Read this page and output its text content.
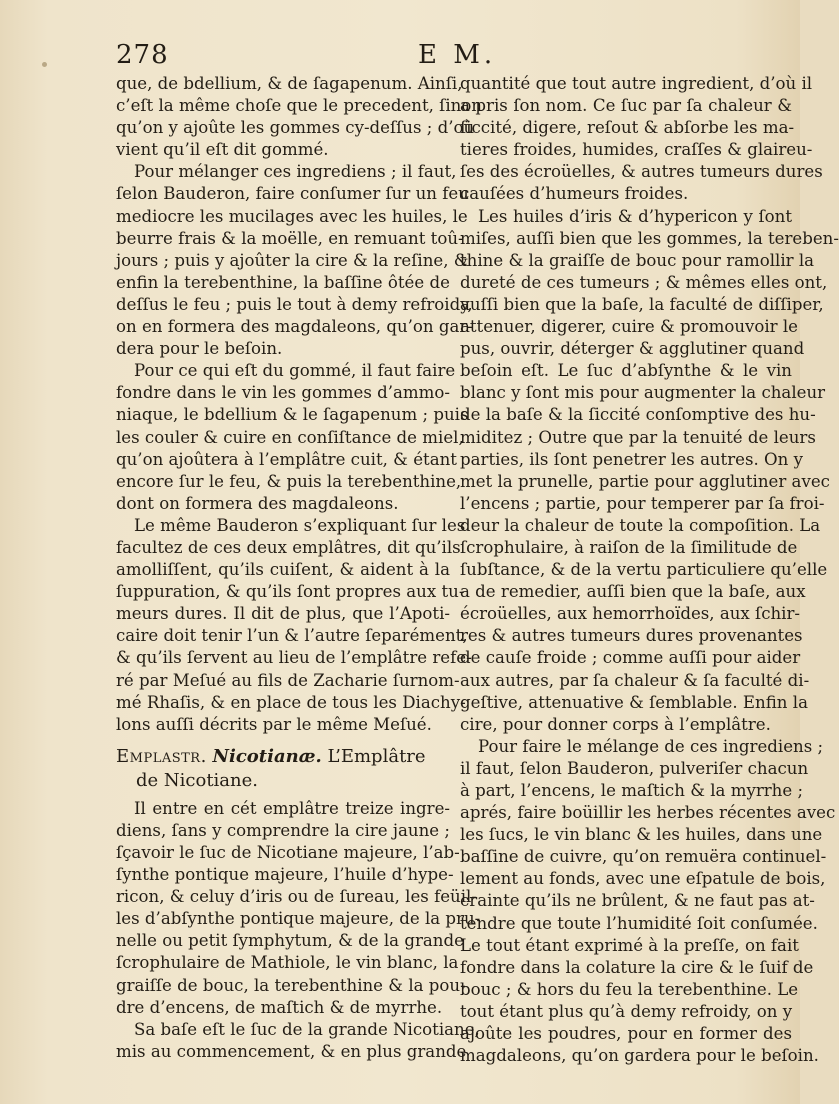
278	E M.
que, de bdellium, & de ſagapenum. Ainſi,
c’eſt la même choſe que le precedent, ſinon
qu’on y ajoûte les gommes cy-deſſus ; d’où
vient qu’il eſt dit gommé.
Pour mélanger ces ingrediens ; il faut,
ſelon Bauderon, faire conſumer ſur un feu
mediocre les mucilages avec les huiles, le
beurre frais & la moëlle, en remuant toû-
jours ; puis y ajoûter la cire & la reſine, &
enfin la terebenthine, la baſſine ôtée de
deſſus le feu ; puis le tout à demy refroidy,
on en formera des magdaleons, qu’on gar-
dera pour le beſoin.
Pour ce qui eſt du gommé, il faut faire
fondre dans le vin les gommes d’ammo-
niaque, le bdellium & le ſagapenum ; puis
les couler & cuire en conſiſtance de miel,
qu’on ajoûtera à l’emplâtre cuit, & étant
encore ſur le feu, & puis la terebenthine,
dont on formera des magdaleons.
Le même Bauderon s’expliquant ſur les
facultez de ces deux emplâtres, dit qu’ils
amolliſſent, qu’ils cuiſent, & aident à la
ſuppuration, & qu’ils ſont propres aux tu-
meurs dures. Il dit de plus, que l’Apoti-
caire doit tenir l’un & l’autre ſeparément,
& qu’ils ſervent au lieu de l’emplâtre refe-
ré par Meſué au fils de Zacharie ſurnom-
mé Rhaſis, & en place de tous les Diachy-
lons auſſi décrits par le même Meſué.
Emplastr. Nicotianæ. L’Emplâtre
de Nicotiane.
Il entre en cét emplâtre treize ingre-
diens, ſans y comprendre la cire jaune ;
ſçavoir le ſuc de Nicotiane majeure, l’ab-
ſynthe pontique majeure, l’huile d’hype-
ricon, & celuy d’iris ou de ſureau, les feüil-
les d’abſynthe pontique majeure, de la pru-
nelle ou petit ſymphytum, & de la grande
ſcrophulaire de Mathiole, le vin blanc, la
graiſſe de bouc, la terebenthine & la pou-
dre d’encens, de maſtich & de myrrhe.
Sa baſe eſt le ſuc de la grande Nicotiane,
mis au commencement, & en plus grande
quantité que tout autre ingredient, d’où il
a pris ſon nom. Ce ſuc par ſa chaleur &
ſiccité, digere, reſout & abſorbe les ma-
tieres froides, humides, craſſes & glaireu-
ſes des écroüelles, & autres tumeurs dures
cauſées d’humeurs froides.
Les huiles d’iris & d’hypericon y ſont
miſes, auſſi bien que les gommes, la tereben-
thine & la graiſſe de bouc pour ramollir la
dureté de ces tumeurs ; & mêmes elles ont,
auſſi bien que la baſe, la faculté de diſſiper,
attenuer, digerer, cuire & promouvoir le
pus, ouvrir, déterger & agglutiner quand
beſoin eſt. Le ſuc d’abſynthe & le vin
blanc y ſont mis pour augmenter la chaleur
de la baſe & la ſiccité conſomptive des hu-
miditez ; Outre que par la tenuité de leurs
parties, ils ſont penetrer les autres. On y
met la prunelle, partie pour agglutiner avec
l’encens ; partie, pour temperer par ſa froi-
deur la chaleur de toute la compoſition. La
ſcrophulaire, à raiſon de la ſimilitude de
ſubſtance, & de la vertu particuliere qu’elle
a de remedier, auſſi bien que la baſe, aux
écroüelles, aux hemorrhoïdes, aux ſchir-
res & autres tumeurs dures provenantes
de cauſe froide ; comme auſſi pour aider
aux autres, par ſa chaleur & ſa faculté di-
geſtive, attenuative & ſemblable. Enfin la
cire, pour donner corps à l’emplâtre.
Pour faire le mélange de ces ingrediens ;
il faut, ſelon Bauderon, pulveriſer chacun
à part, l’encens, le maſtich & la myrrhe ;
aprés, faire boüillir les herbes récentes avec
les ſucs, le vin blanc & les huiles, dans une
baſſine de cuivre, qu’on remuëra continuel-
lement au fonds, avec une eſpatule de bois,
crainte qu’ils ne brûlent, & ne faut pas at-
tendre que toute l’humidité ſoit conſumée.
Le tout étant exprimé à la preſſe, on fait
fondre dans la colature la cire & le ſuif de
bouc ; & hors du feu la terebenthine. Le
tout étant plus qu’à demy refroidy, on y
ajoûte les poudres, pour en former des
magdaleons, qu’on gardera pour le beſoin.
